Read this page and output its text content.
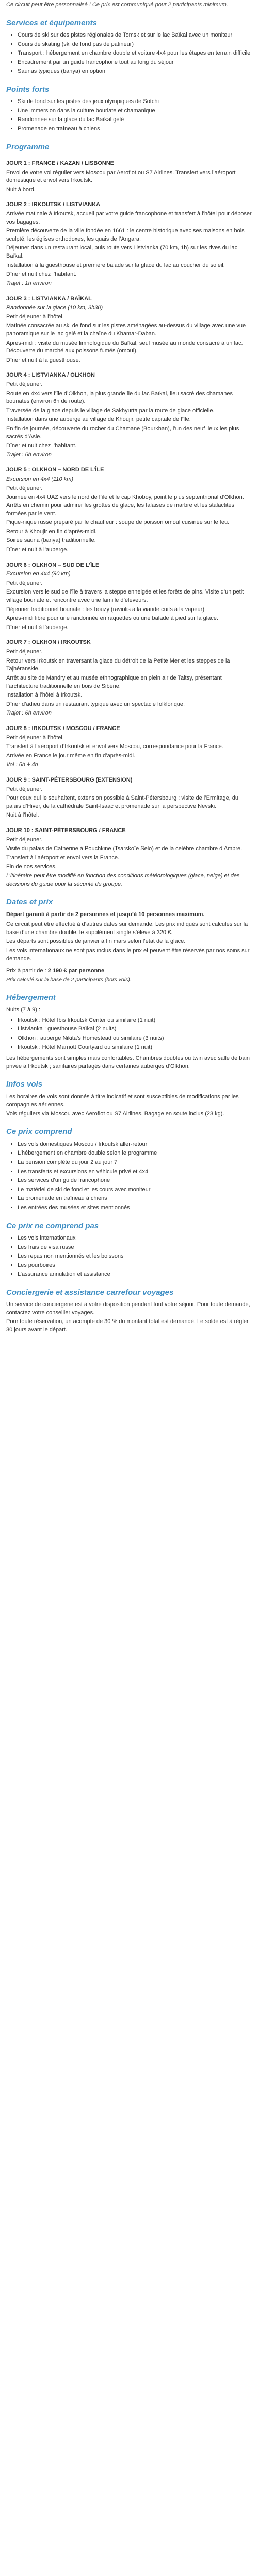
Ce circuit peut être personnalisé ! Ce prix est communiqué pour 2 participants minimum.

Services et équipements
• Cours de ski sur des pistes régionales de Tomsk et sur le lac Baïkal avec un moniteur
• Cours de skating (ski de fond pas de patineur)
• Transport : hébergement en chambre double et voiture 4x4 pour les étapes en terrain difficile
• Encadrement par un guide francophone tout au long du séjour
• Saunas typiques (banya) en option
Points forts
• Ski de fond sur les pistes des jeux olympiques de Sotchi
• Une immersion dans la culture bouriate et chamanique
• Randonnée sur la glace du lac Baïkal gelé
• Promenade en traîneau à chiens
Programme
JOUR 1 : FRANCE / KAZAN / LISBONNE

Envol de votre vol régulier vers Moscou par Aeroflot ou S7 Airlines. Transfert vers l’aéroport domestique et envol vers Irkoutsk.

Nuit à bord.

JOUR 2 : IRKOUTSK / LISTVIANKA

Arrivée matinale à Irkoutsk, accueil par votre guide francophone et transfert à l’hôtel pour déposer vos bagages.

Première découverte de la ville fondée en 1661 : le centre historique avec ses maisons en bois sculpté, les églises orthodoxes, les quais de l’Angara.

Déjeuner dans un restaurant local, puis route vers Listvianka (70 km, 1h) sur les rives du lac Baïkal.

Installation à la guesthouse et première balade sur la glace du lac au coucher du soleil.

Dîner et nuit chez l’habitant.

Trajet : 1h environ

JOUR 3 : LISTVIANKA / BAÏKAL

Randonnée sur la glace (10 km, 3h30)

Petit déjeuner à l’hôtel.

Matinée consacrée au ski de fond sur les pistes aménagées au-dessus du village avec une vue panoramique sur le lac gelé et la chaîne du Khamar-Daban.

Après-midi : visite du musée limnologique du Baïkal, seul musée au monde consacré à un lac. Découverte du marché aux poissons fumés (omoul).

Dîner et nuit à la guesthouse.

JOUR 4 : LISTVIANKA / OLKHON

Petit déjeuner.

Route en 4x4 vers l’île d’Olkhon, la plus grande île du lac Baïkal, lieu sacré des chamanes bouriates (environ 6h de route).

Traversée de la glace depuis le village de Sakhyurta par la route de glace officielle.

Installation dans une auberge au village de Khoujir, petite capitale de l’île.

En fin de journée, découverte du rocher du Chamane (Bourkhan), l’un des neuf lieux les plus sacrés d’Asie.

Dîner et nuit chez l’habitant.

Trajet : 6h environ

JOUR 5 : OLKHON – NORD DE L’ÎLE

Excursion en 4x4 (110 km)

Petit déjeuner.

Journée en 4x4 UAZ vers le nord de l’île et le cap Khoboy, point le plus septentrional d’Olkhon. Arrêts en chemin pour admirer les grottes de glace, les falaises de marbre et les stalactites formées par le vent.

Pique-nique russe préparé par le chauffeur : soupe de poisson omoul cuisinée sur le feu.

Retour à Khoujir en fin d’après-midi.

Soirée sauna (banya) traditionnelle.

Dîner et nuit à l’auberge.

JOUR 6 : OLKHON – SUD DE L’ÎLE

Excursion en 4x4 (90 km)

Petit déjeuner.

Excursion vers le sud de l’île à travers la steppe enneigée et les forêts de pins. Visite d’un petit village bouriate et rencontre avec une famille d’éleveurs.

Déjeuner traditionnel bouriate : les bouzy (raviolis à la viande cuits à la vapeur).

Après-midi libre pour une randonnée en raquettes ou une balade à pied sur la glace.

Dîner et nuit à l’auberge.

JOUR 7 : OLKHON / IRKOUTSK

Petit déjeuner.

Retour vers Irkoutsk en traversant la glace du détroit de la Petite Mer et les steppes de la Tajhéranskie.

Arrêt au site de Mandry et au musée ethnographique en plein air de Taltsy, présentant l’architecture traditionnelle en bois de Sibérie.

Installation à l’hôtel à Irkoutsk.

Dîner d’adieu dans un restaurant typique avec un spectacle folklorique.

Trajet : 6h environ

JOUR 8 : IRKOUTSK / MOSCOU / FRANCE

Petit déjeuner à l’hôtel.

Transfert à l’aéroport d’Irkoutsk et envol vers Moscou, correspondance pour la France.

Arrivée en France le jour même en fin d’après-midi.

Vol : 6h + 4h

JOUR 9 : SAINT-PÉTERSBOURG (EXTENSION)

Petit déjeuner.

Pour ceux qui le souhaitent, extension possible à Saint-Pétersbourg : visite de l’Ermitage, du palais d’Hiver, de la cathédrale Saint-Isaac et promenade sur la perspective Nevski.

Nuit à l’hôtel.

JOUR 10 : SAINT-PÉTERSBOURG / FRANCE

Petit déjeuner.

Visite du palais de Catherine à Pouchkine (Tsarskoïe Selo) et de la célèbre chambre d’Ambre.

Transfert à l’aéroport et envol vers la France.

Fin de nos services.

L’itinéraire peut être modifié en fonction des conditions météorologiques (glace, neige) et des décisions du guide pour la sécurité du groupe.

Dates et prix

Départ garanti à partir de 2 personnes et jusqu’à 10 personnes maximum.

Ce circuit peut être effectué à d’autres dates sur demande. Les prix indiqués sont calculés sur la base d’une chambre double, le supplément single s’élève à 320 €.

Les départs sont possibles de janvier à fin mars selon l’état de la glace.

Les vols internationaux ne sont pas inclus dans le prix et peuvent être réservés par nos soins sur demande.

Prix à partir de : 2 190 € par personne

Prix calculé sur la base de 2 participants (hors vols).

Hébergement

Nuits (7 à 9) :

• Irkoutsk : Hôtel Ibis Irkoutsk Center ou similaire (1 nuit)
• Listvianka : guesthouse Baïkal (2 nuits)
• Olkhon : auberge Nikita’s Homestead ou similaire (3 nuits)
• Irkoutsk : Hôtel Marriott Courtyard ou similaire (1 nuit)

Les hébergements sont simples mais confortables. Chambres doubles ou twin avec salle de bain privée à Irkoutsk ; sanitaires partagés dans certaines auberges d’Olkhon.

Infos vols

Les horaires de vols sont donnés à titre indicatif et sont susceptibles de modifications par les compagnies aériennes.

Vols réguliers via Moscou avec Aeroflot ou S7 Airlines. Bagage en soute inclus (23 kg).

Ce prix comprend
• Les vols domestiques Moscou / Irkoutsk aller-retour
• L’hébergement en chambre double selon le programme
• La pension complète du jour 2 au jour 7
• Les transferts et excursions en véhicule privé et 4x4
• Les services d’un guide francophone
• Le matériel de ski de fond et les cours avec moniteur
• La promenade en traîneau à chiens
• Les entrées des musées et sites mentionnés
Ce prix ne comprend pas
• Les vols internationaux
• Les frais de visa russe
• Les repas non mentionnés et les boissons
• Les pourboires
• L’assurance annulation et assistance
Conciergerie et assistance carrefour voyages

Un service de conciergerie est à votre disposition pendant tout votre séjour. Pour toute demande, contactez votre conseiller voyages.

Pour toute réservation, un acompte de 30 % du montant total est demandé. Le solde est à régler 30 jours avant le départ.
